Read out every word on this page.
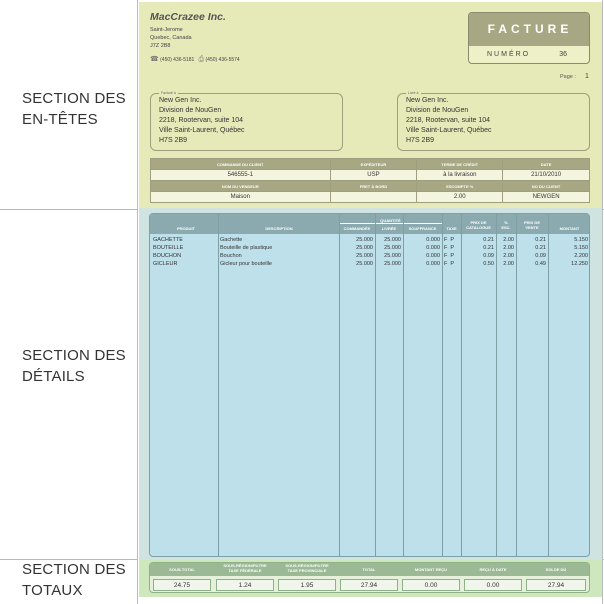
SECTION DES
EN-TÊTES
SECTION DES
DÉTAILS
SECTION DES
TOTAUX
MacCrazee Inc.
Saint-Jerome
Quebec, Canada
J7Z 2B8
☎ (450) 436-5181 ⎙ (450) 436-5574
FACTURE
NUMÉRO	36
Page : 1
Facturé à
New Gen Inc.
Division de NouGen
2218, Rootervan, suite 104
Ville Saint-Laurent, Québec
H7S 2B9
Livré à
New Gen Inc.
Division de NouGen
2218, Rootervan, suite 104
Ville Saint-Laurent, Québec
H7S 2B9
COMMANDE DU CLIENT	EXPÉDITEUR	TERME DE CRÉDIT	DATE
546555-1	USP	à la livraison	21/10/2010
NOM DU VENDEUR	FRET À BORD	ESCOMPTE %	NO DU CLIENT
Maison		2.00	NEWGEN
PRODUIT	DESCRIPTION
QUANTITÉ
COMMANDÉE	LIVRÉE	SOUFFRANCE	TAXE
PRIX DE
CATALOGUE
%
ESC.
PRIX DE
VENTE	MONTANT
GACHETTE	Gachette	25.000 25.000	0.000 F  P	0.21 2.00	0.21	5.150
BOUTEILLE	Bouteille de plastique	25.000 25.000	0.000 F  P	0.21 2.00	0.21	5.150
BOUCHON	Bouchon	25.000 25.000	0.000 F  P	0.09 2.00	0.09	2.200
GICLEUR	Gicleur pour bouteille	25.000 25.000	0.000 F  P	0.50 2.00	0.49	12.250
SOUS-TOTAL
SOUS-RÉGION/FILTRE
TAXE FÉDÉRALE
SOUS-RÉGION/FILTRE
TAXE PROVINCIALE	TOTAL	MONTANT REÇU	REÇU À DATE	SOLDE DÛ
24.75	1.24	1.95	27.94	0.00	0.00	27.94
